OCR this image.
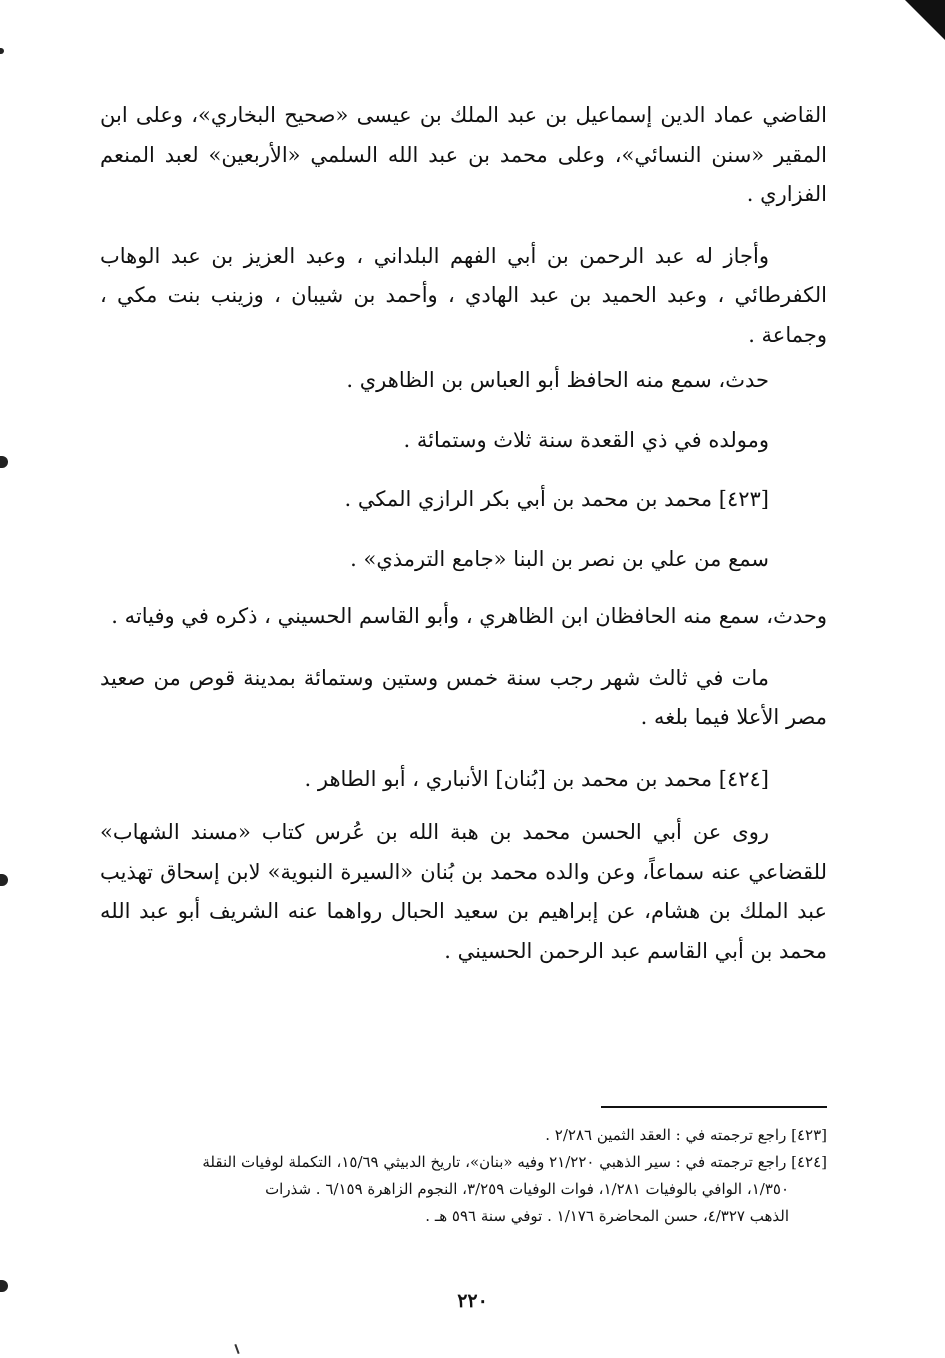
القاضي عماد الدين إسماعيل بن عبد الملك بن عيسى «صحيح البخاري»، وعلى ابن المقير «سنن النسائي»، وعلى محمد بن عبد الله السلمي «الأربعين» لعبد المنعم الفزاري .

وأجاز له عبد الرحمن بن أبي الفهم البلداني ، وعبد العزيز بن عبد الوهاب الكفرطائي ، وعبد الحميد بن عبد الهادي ، وأحمد بن شيبان ، وزينب بنت مكي ، وجماعة .

حدث، سمع منه الحافظ أبو العباس بن الظاهري .

ومولده في ذي القعدة سنة ثلاث وستمائة .

[٤٢٣] محمد بن محمد بن أبي بكر الرازي المكي .

سمع من علي بن نصر بن البنا «جامع الترمذي» .

وحدث، سمع منه الحافظان ابن الظاهري ، وأبو القاسم الحسيني ، ذكره في وفياته .

مات في ثالث شهر رجب سنة خمس وستين وستمائة بمدينة قوص من صعيد مصر الأعلا فيما بلغه .

[٤٢٤] محمد بن محمد بن [بُنان] الأنباري ، أبو الطاهر .

روى عن أبي الحسن محمد بن هبة الله بن عُرس كتاب «مسند الشهاب» للقضاعي عنه سماعاً، وعن والده محمد بن بُنان «السيرة النبوية» لابن إسحاق تهذيب عبد الملك بن هشام، عن إبراهيم بن سعيد الحبال رواهما عنه الشريف أبو عبد الله محمد بن أبي القاسم عبد الرحمن الحسيني .

[٤٢٣] راجع ترجمته في : العقد الثمين ٢/٢٨٦ .

[٤٢٤] راجع ترجمته في : سير الذهبي ٢١/٢٢٠ وفيه «بنان»، تاريخ الدبيثي ١٥/٦٩، التكملة لوفيات النقلة

١/٣٥٠، الوافي بالوفيات ١/٢٨١، فوات الوفيات ٣/٢٥٩، النجوم الزاهرة ٦/١٥٩ . شذرات

الذهب ٤/٣٢٧، حسن المحاضرة ١/١٧٦ . توفي سنة ٥٩٦ هـ .

٢٢٠
